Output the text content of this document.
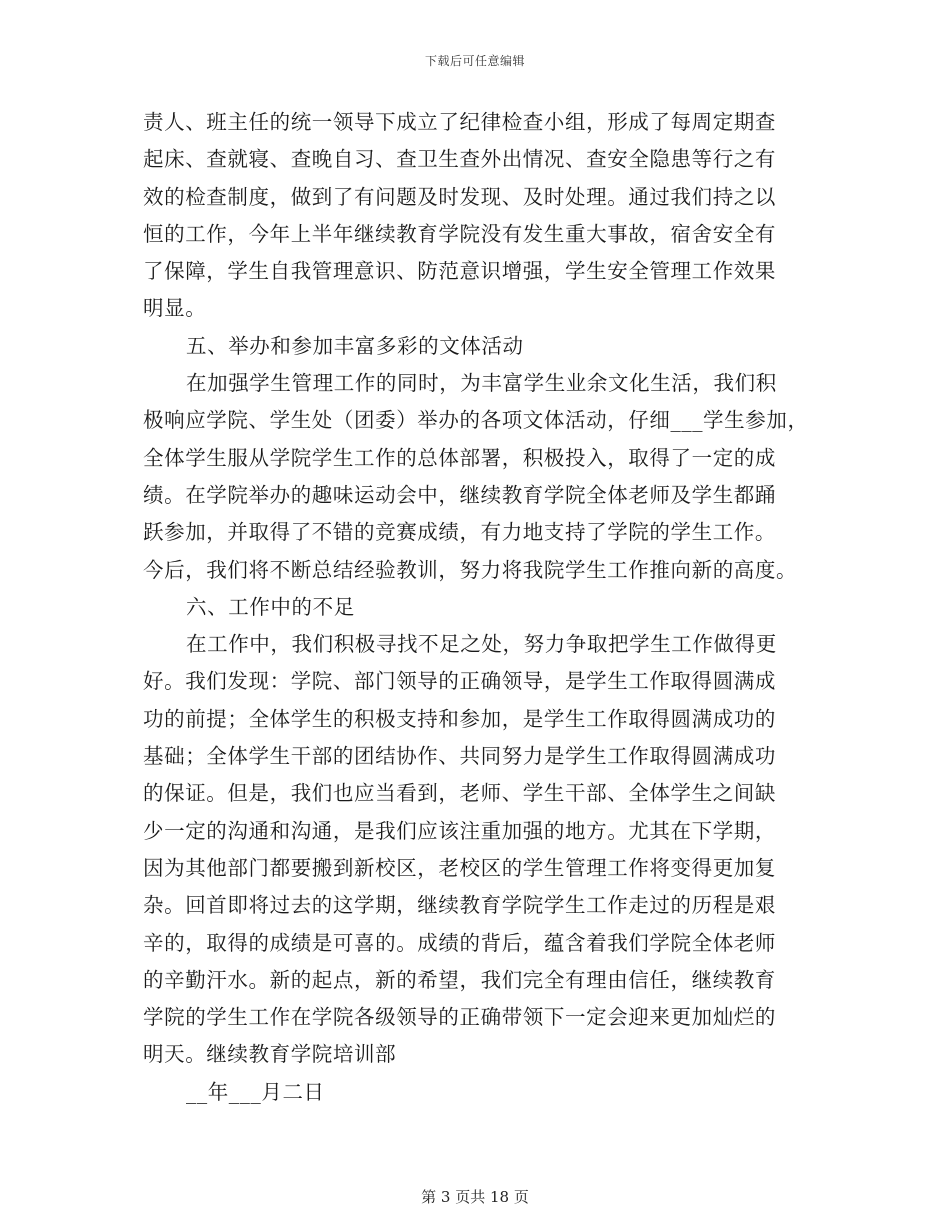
下载后可任意编辑
责人、班主任的统一领导下成立了纪律检查小组，形成了每周定期查
起床、查就寝、查晚自习、查卫生查外出情况、查安全隐患等行之有
效的检查制度，做到了有问题及时发现、及时处理。通过我们持之以
恒的工作，今年上半年继续教育学院没有发生重大事故，宿舍安全有
了保障，学生自我管理意识、防范意识增强，学生安全管理工作效果
明显。
五、举办和参加丰富多彩的文体活动
在加强学生管理工作的同时，为丰富学生业余文化生活，我们积
极响应学院、学生处（团委）举办的各项文体活动，仔细___学生参加，
全体学生服从学院学生工作的总体部署，积极投入，取得了一定的成
绩。在学院举办的趣味运动会中，继续教育学院全体老师及学生都踊
跃参加，并取得了不错的竞赛成绩，有力地支持了学院的学生工作。
今后，我们将不断总结经验教训，努力将我院学生工作推向新的高度。
六、工作中的不足
在工作中，我们积极寻找不足之处，努力争取把学生工作做得更
好。我们发现：学院、部门领导的正确领导，是学生工作取得圆满成
功的前提；全体学生的积极支持和参加，是学生工作取得圆满成功的
基础；全体学生干部的团结协作、共同努力是学生工作取得圆满成功
的保证。但是，我们也应当看到，老师、学生干部、全体学生之间缺
少一定的沟通和沟通，是我们应该注重加强的地方。尤其在下学期，
因为其他部门都要搬到新校区，老校区的学生管理工作将变得更加复
杂。回首即将过去的这学期，继续教育学院学生工作走过的历程是艰
辛的，取得的成绩是可喜的。成绩的背后，蕴含着我们学院全体老师
的辛勤汗水。新的起点，新的希望，我们完全有理由信任，继续教育
学院的学生工作在学院各级领导的正确带领下一定会迎来更加灿烂的
明天。继续教育学院培训部
__年___月二日
第 3 页共 18 页
